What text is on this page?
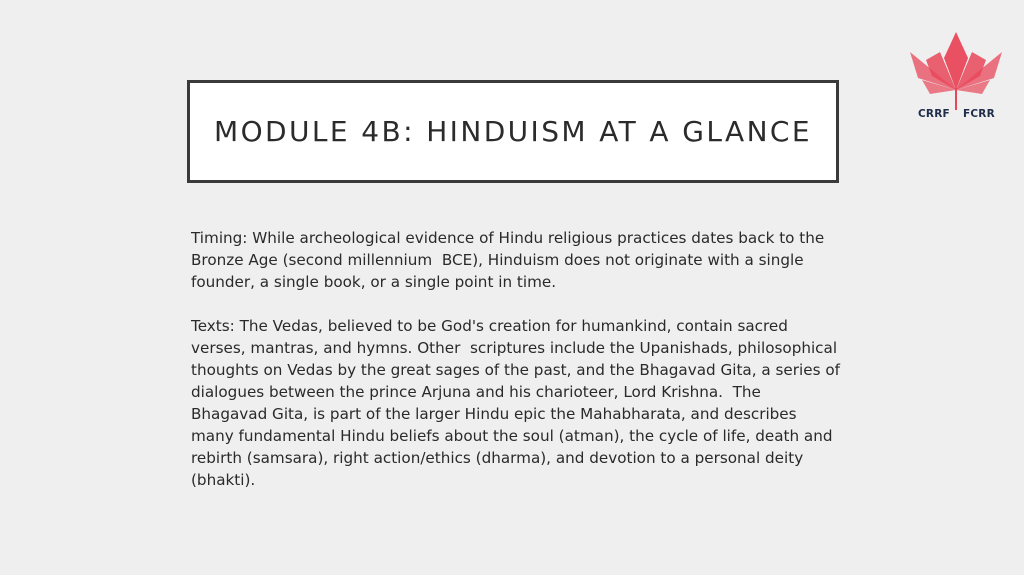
MODULE 4B: HINDUISM AT A GLANCE

Timing: While archeological evidence of Hindu religious practices dates back to the Bronze Age (second millennium  BCE), Hinduism does not originate with a single founder, a single book, or a single point in time.

Texts: The Vedas, believed to be God's creation for humankind, contain sacred verses, mantras, and hymns. Other  scriptures include the Upanishads, philosophical thoughts on Vedas by the great sages of the past, and the Bhagavad Gita, a series of dialogues between the prince Arjuna and his charioteer, Lord Krishna.  The Bhagavad Gita, is part of the larger Hindu epic the Mahabharata, and describes many fundamental Hindu beliefs about the soul (atman), the cycle of life, death and rebirth (samsara), right action/ethics (dharma), and devotion to a personal deity (bhakti).

CRRF FCRR
